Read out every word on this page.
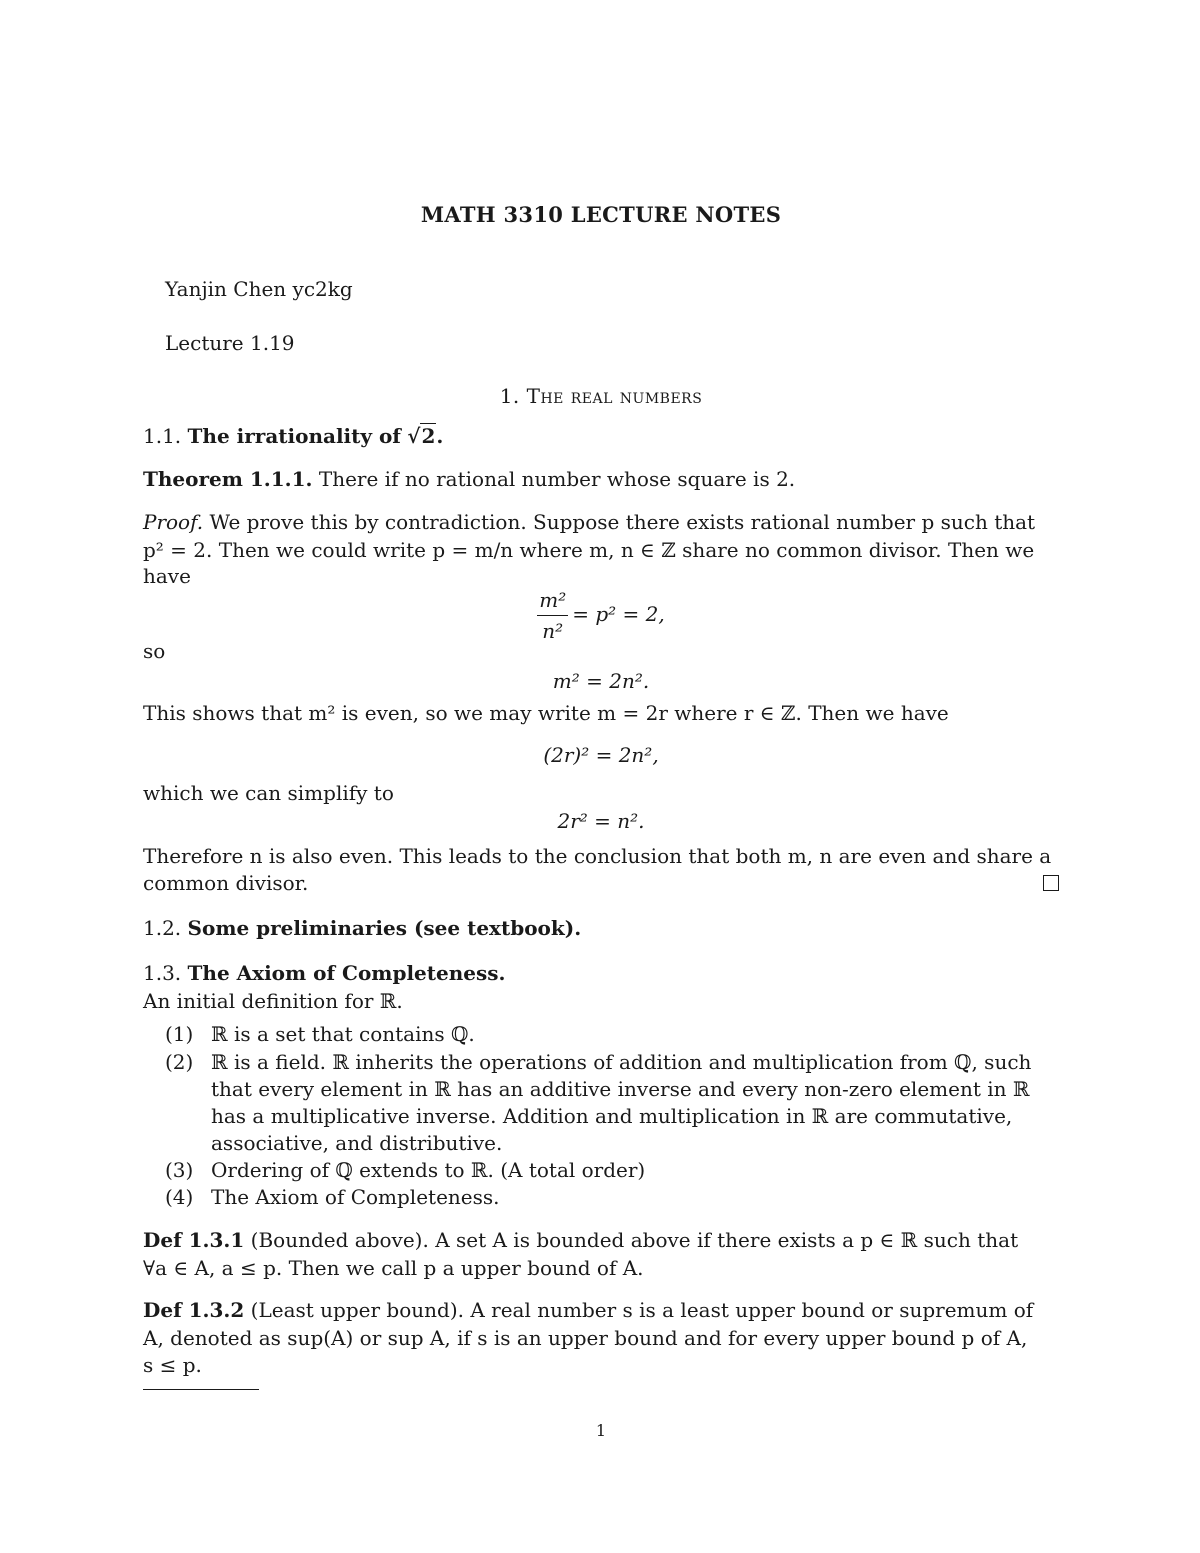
MATH 3310 LECTURE NOTES
Yanjin Chen yc2kg
Lecture 1.19
1. The real numbers
1.1. The irrationality of √2.
Theorem 1.1.1. There if no rational number whose square is 2.
Proof. We prove this by contradiction. Suppose there exists rational number p such that
p² = 2. Then we could write p = m/n where m, n ∈ ℤ share no common divisor. Then we
have
$\frac{\text{m²}}{\text{n²}} = p^2 = 2$,
so
m² = 2n².
This shows that m² is even, so we may write m = 2r where r ∈ ℤ. Then we have
(2r)² = 2n²,
which we can simplify to
2r² = n².
Therefore n is also even. This leads to the conclusion that both m, n are even and share a
common divisor.
1.2. Some preliminaries (see textbook).
1.3. The Axiom of Completeness.
An initial definition for ℝ.
(1) ℝ is a set that contains ℚ.
(2) ℝ is a field. ℝ inherits the operations of addition and multiplication from ℚ, such
that every element in ℝ has an additive inverse and every non-zero element in ℝ
has a multiplicative inverse. Addition and multiplication in ℝ are commutative,
associative, and distributive.
(3) Ordering of ℚ extends to ℝ. (A total order)
(4) The Axiom of Completeness.
Def 1.3.1 (Bounded above). A set A is bounded above if there exists a p ∈ ℝ such that
∀a ∈ A, a ≤ p. Then we call p a upper bound of A.
Def 1.3.2 (Least upper bound). A real number s is a least upper bound or supremum of
A, denoted as sup(A) or sup A, if s is an upper bound and for every upper bound p of A,
s ≤ p.
1
